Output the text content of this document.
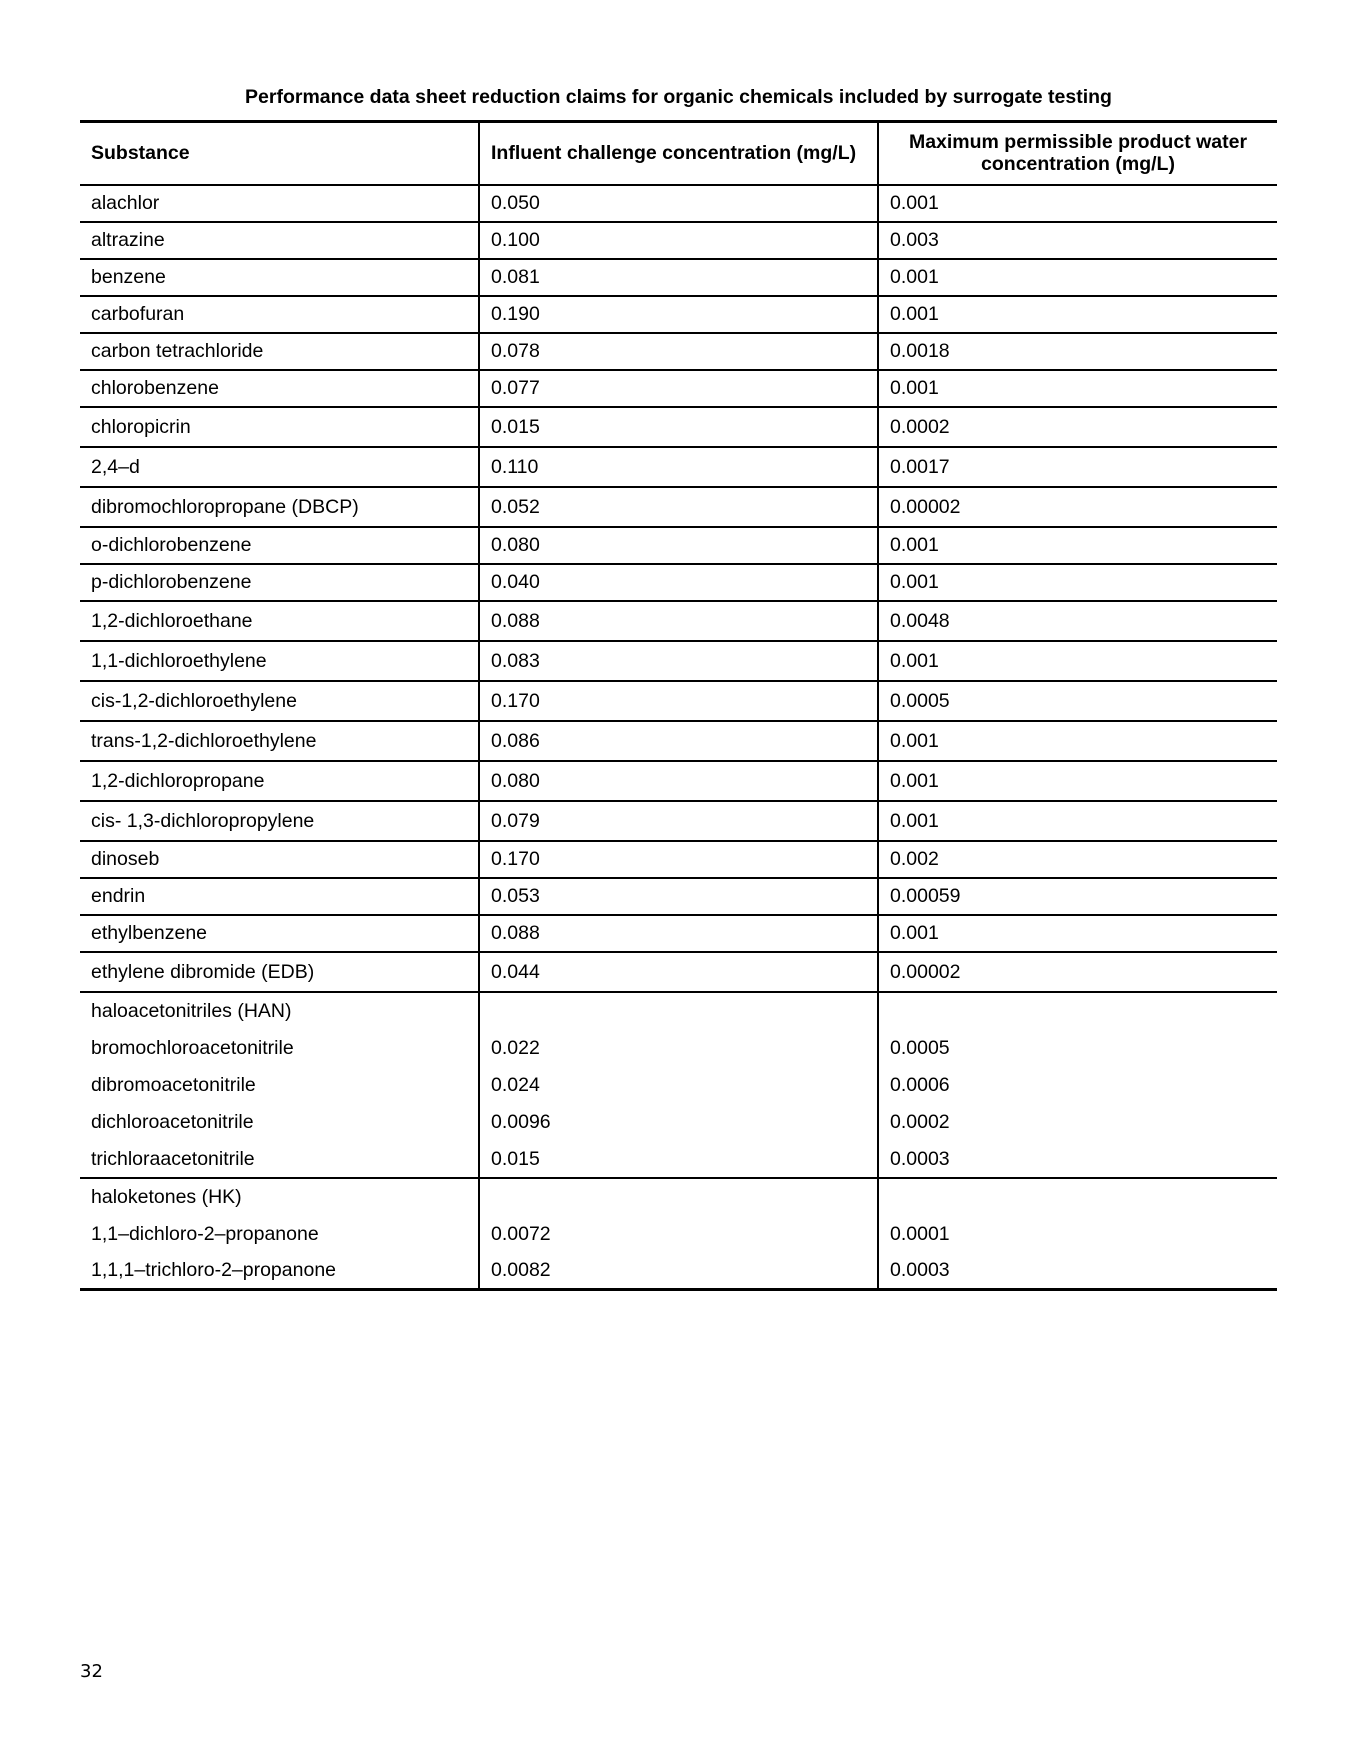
Performance data sheet reduction claims for organic chemicals included by surrogate testing
Substance	Influent challenge concentration (mg/L)	Maximum permissible product water concentration (mg/L)
alachlor	0.050	0.001
altrazine	0.100	0.003
benzene	0.081	0.001
carbofuran	0.190	0.001
carbon tetrachloride	0.078	0.0018
chlorobenzene	0.077	0.001
chloropicrin	0.015	0.0002
2,4–d	0.110	0.0017
dibromochloropropane (DBCP)	0.052	0.00002
o-dichlorobenzene	0.080	0.001
p-dichlorobenzene	0.040	0.001
1,2-dichloroethane	0.088	0.0048
1,1-dichloroethylene	0.083	0.001
cis-1,2-dichloroethylene	0.170	0.0005
trans-1,2-dichloroethylene	0.086	0.001
1,2-dichloropropane	0.080	0.001
cis- 1,3-dichloropropylene	0.079	0.001
dinoseb	0.170	0.002
endrin	0.053	0.00059
ethylbenzene	0.088	0.001
ethylene dibromide (EDB)	0.044	0.00002
haloacetonitriles (HAN)		
bromochloroacetonitrile	0.022	0.0005
dibromoacetonitrile	0.024	0.0006
dichloroacetonitrile	0.0096	0.0002
trichloraacetonitrile	0.015	0.0003
haloketones (HK)		
1,1–dichloro-2–propanone	0.0072	0.0001
1,1,1–trichloro-2–propanone	0.0082	0.0003
32
